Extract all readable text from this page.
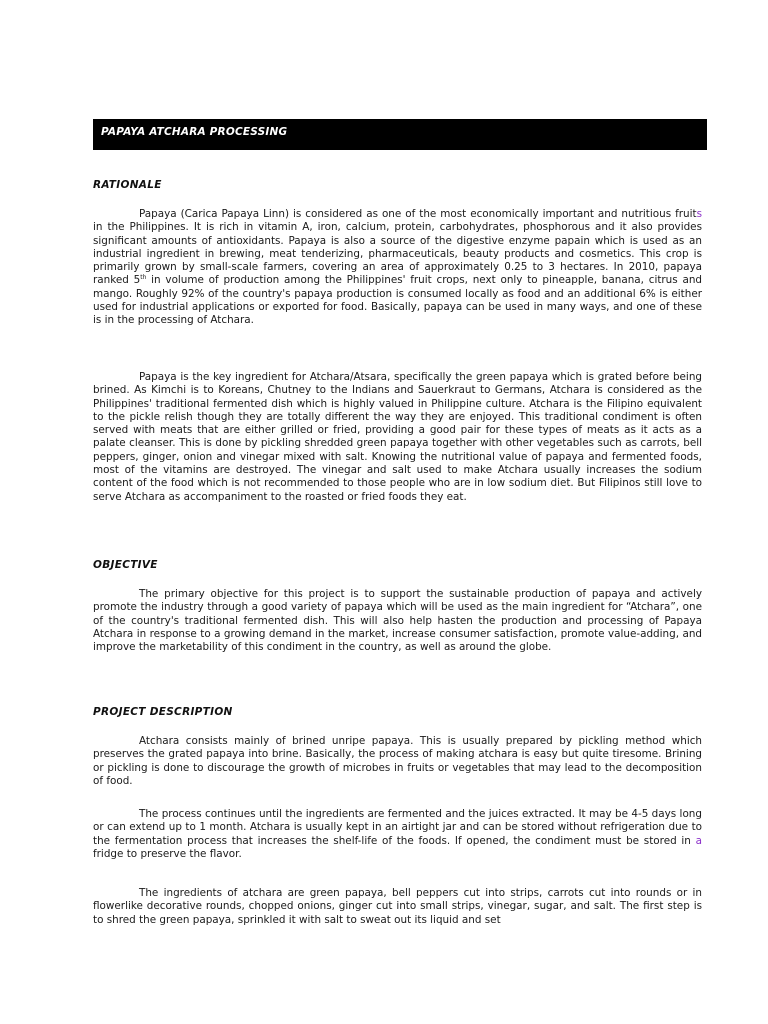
PAPAYA ATCHARA PROCESSING
RATIONALE

Papaya (Carica Papaya Linn) is considered as one of the most economically important and nutritious fruits in the Philippines. It is rich in vitamin A, iron, calcium, protein, carbohydrates, phosphorous and it also provides significant amounts of antioxidants. Papaya is also a source of the digestive enzyme papain which is used as an industrial ingredient in brewing, meat tenderizing, pharmaceuticals, beauty products and cosmetics. This crop is primarily grown by small-scale farmers, covering an area of approximately 0.25 to 3 hectares. In 2010, papaya ranked 5th in volume of production among the Philippines' fruit crops, next only to pineapple, banana, citrus and mango. Roughly 92% of the country's papaya production is consumed locally as food and an additional 6% is either used for industrial applications or exported for food. Basically, papaya can be used in many ways, and one of these is in the processing of Atchara.

Papaya is the key ingredient for Atchara/Atsara, specifically the green papaya which is grated before being brined. As Kimchi is to Koreans, Chutney to the Indians and Sauerkraut to Germans, Atchara is considered as the Philippines' traditional fermented dish which is highly valued in Philippine culture. Atchara is the Filipino equivalent to the pickle relish though they are totally different the way they are enjoyed. This traditional condiment is often served with meats that are either grilled or fried, providing a good pair for these types of meats as it acts as a palate cleanser. This is done by pickling shredded green papaya together with other vegetables such as carrots, bell peppers, ginger, onion and vinegar mixed with salt. Knowing the nutritional value of papaya and fermented foods, most of the vitamins are destroyed. The vinegar and salt used to make Atchara usually increases the sodium content of the food which is not recommended to those people who are in low sodium diet. But Filipinos still love to serve Atchara as accompaniment to the roasted or fried foods they eat.

OBJECTIVE

The primary objective for this project is to support the sustainable production of papaya and actively promote the industry through a good variety of papaya which will be used as the main ingredient for “Atchara”, one of the country's traditional fermented dish. This will also help hasten the production and processing of Papaya Atchara in response to a growing demand in the market, increase consumer satisfaction, promote value-adding, and improve the marketability of this condiment in the country, as well as around the globe.

PROJECT DESCRIPTION

Atchara consists mainly of brined unripe papaya. This is usually prepared by pickling method which preserves the grated papaya into brine. Basically, the process of making atchara is easy but quite tiresome. Brining or pickling is done to discourage the growth of microbes in fruits or vegetables that may lead to the decomposition of food.

The process continues until the ingredients are fermented and the juices extracted. It may be 4-5 days long or can extend up to 1 month. Atchara is usually kept in an airtight jar and can be stored without refrigeration due to the fermentation process that increases the shelf-life of the foods. If opened, the condiment must be stored in a fridge to preserve the flavor.

The ingredients of atchara are green papaya, bell peppers cut into strips, carrots cut into rounds or in flowerlike decorative rounds, chopped onions, ginger cut into small strips, vinegar, sugar, and salt. The first step is to shred the green papaya, sprinkled it with salt to sweat out its liquid and set
